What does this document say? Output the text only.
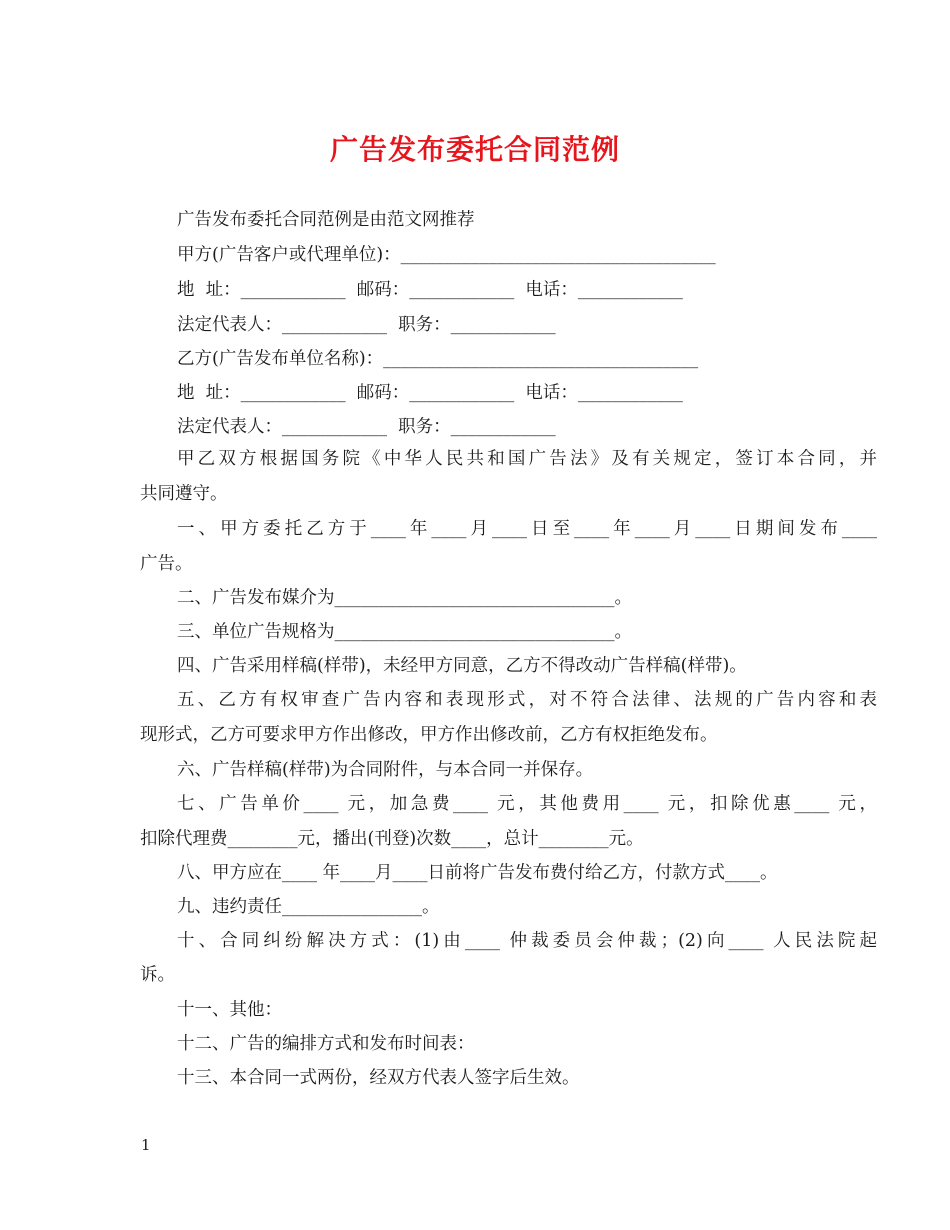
广告发布委托合同范例
广告发布委托合同范例是由范文网推荐
甲方(广告客户或代理单位)：____________________________________
地  址：____________  邮码：____________  电话：____________
法定代表人：____________  职务：____________
乙方(广告发布单位名称)：____________________________________
地  址：____________  邮码：____________  电话：____________
法定代表人：____________  职务：____________
甲乙双方根据国务院《中华人民共和国广告法》及有关规定，签订本合同，并
共同遵守。
一、甲方委托乙方于____年____月____日至____年____月____日期间发布____
广告。
二、广告发布媒介为________________________________。
三、单位广告规格为________________________________。
四、广告采用样稿(样带)，未经甲方同意，乙方不得改动广告样稿(样带)。
五、乙方有权审查广告内容和表现形式，对不符合法律、法规的广告内容和表
现形式，乙方可要求甲方作出修改，甲方作出修改前，乙方有权拒绝发布。
六、广告样稿(样带)为合同附件，与本合同一并保存。
七、广告单价____ 元，加急费____ 元，其他费用____ 元，扣除优惠____ 元，
扣除代理费________元，播出(刊登)次数____，总计________元。
八、甲方应在____ 年____月____日前将广告发布费付给乙方，付款方式____。
九、违约责任________________。
十、合同纠纷解决方式：(1)由____ 仲裁委员会仲裁；(2)向____ 人民法院起
诉。
十一、其他：
十二、广告的编排方式和发布时间表：
十三、本合同一式两份，经双方代表人签字后生效。
1
